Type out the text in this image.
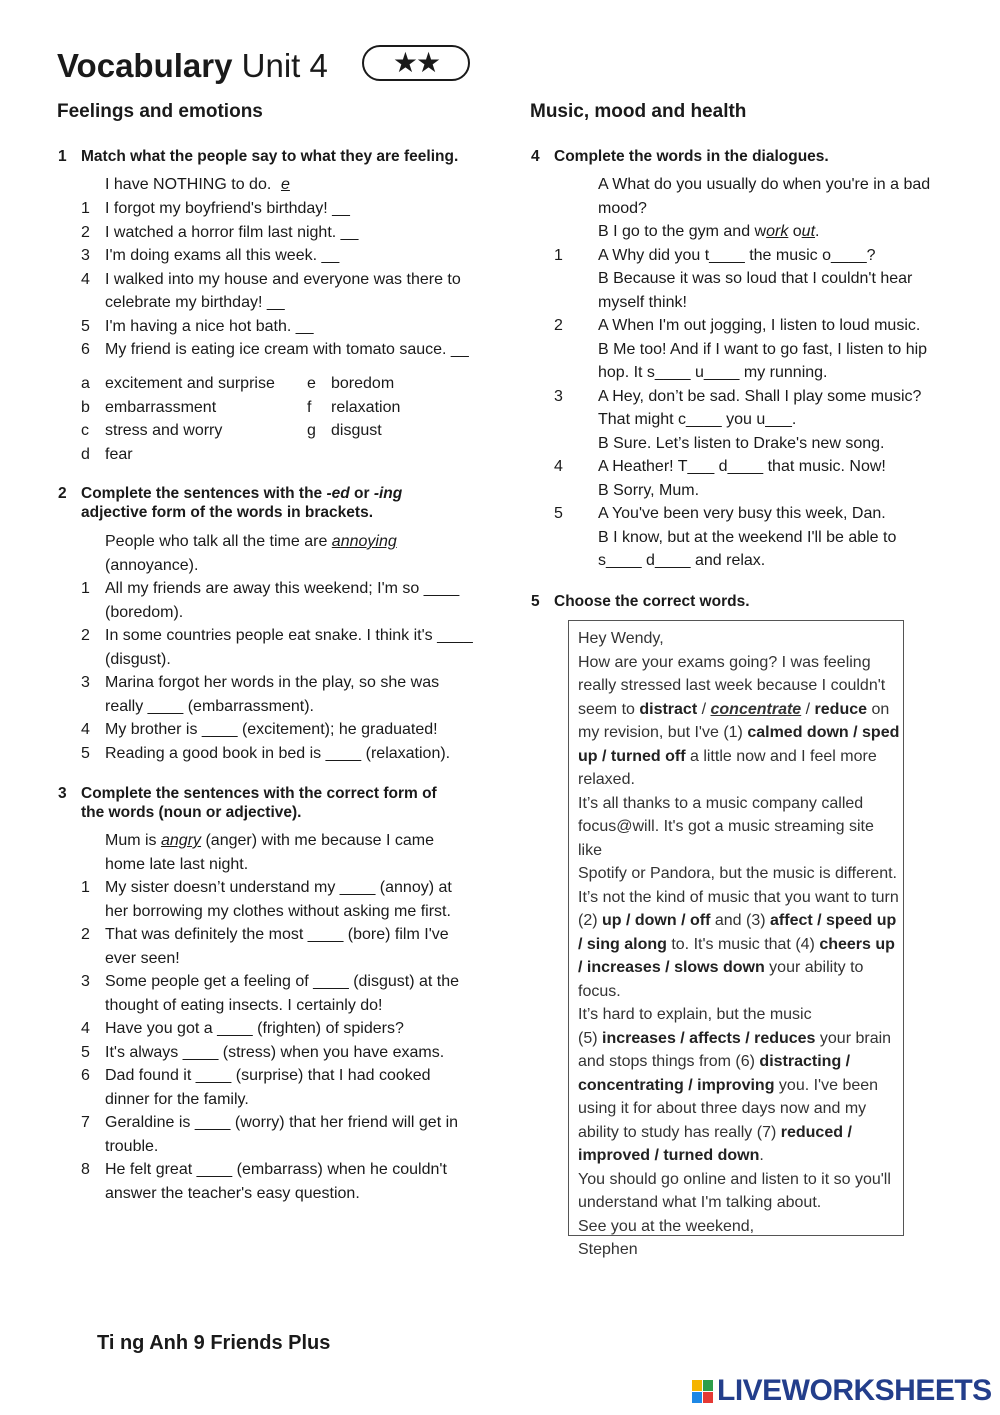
Vocabulary Unit 4	★★
Feelings and emotions
1 Match what the people say to what they are feeling.
I have NOTHING to do. e
1 I forgot my boyfriend's birthday! __
2 I watched a horror film last night. __
3 I'm doing exams all this week. __
4 I walked into my house and everyone was there to
celebrate my birthday! __
5 I'm having a nice hot bath. __
6 My friend is eating ice cream with tomato sauce. __
a excitement and surprise
b embarrassment
c stress and worry
d fear
e boredom
f relaxation
g disgust
2 Complete the sentences with the -ed or -ing
adjective form of the words in brackets.
People who talk all the time are annoying
(annoyance).
1 All my friends are away this weekend; I'm so ____
(boredom).
2 In some countries people eat snake. I think it's ____
(disgust).
3 Marina forgot her words in the play, so she was
really ____ (embarrassment).
4 My brother is ____ (excitement); he graduated!
5 Reading a good book in bed is ____ (relaxation).
3 Complete the sentences with the correct form of
the words (noun or adjective).
Mum is angry (anger) with me because I came
home late last night.
1 My sister doesn’t understand my ____ (annoy) at
her borrowing my clothes without asking me first.
2 That was definitely the most ____ (bore) film I've
ever seen!
3 Some people get a feeling of ____ (disgust) at the
thought of eating insects. I certainly do!
4 Have you got a ____ (frighten) of spiders?
5 It's always ____ (stress) when you have exams.
6 Dad found it ____ (surprise) that I had cooked
dinner for the family.
7 Geraldine is ____ (worry) that her friend will get in
trouble.
8 He felt great ____ (embarrass) when he couldn't
answer the teacher's easy question.
Music, mood and health
4 Complete the words in the dialogues.
A What do you usually do when you're in a bad
mood?
B I go to the gym and work out.
1 A Why did you t____ the music o____?
B Because it was so loud that I couldn't hear
myself think!
2 A When I'm out jogging, I listen to loud music.
B Me too! And if I want to go fast, I listen to hip
hop. It s____ u____ my running.
3 A Hey, don’t be sad. Shall I play some music?
That might c____ you u___.
B Sure. Let’s listen to Drake's new song.
4 A Heather! T___ d____ that music. Now!
B Sorry, Mum.
5 A You've been very busy this week, Dan.
B I know, but at the weekend I'll be able to
s____ d____ and relax.
5 Choose the correct words.
Hey Wendy,
How are your exams going? I was feeling
really stressed last week because I couldn't
seem to distract / concentrate / reduce on
my revision, but I've (1) calmed down / sped
up / turned off a little now and I feel more
relaxed.
It’s all thanks to a music company called
focus@will. It's got a music streaming site like
Spotify or Pandora, but the music is different.
It’s not the kind of music that you want to turn
(2) up / down / off and (3) affect / speed up
/ sing along to. It's music that (4) cheers up
/ increases / slows down your ability to
focus.
It’s hard to explain, but the music
(5) increases / affects / reduces your brain
and stops things from (6) distracting /
concentrating / improving you. I've been
using it for about three days now and my
ability to study has really (7) reduced /
improved / turned down.
You should go online and listen to it so you'll
understand what I'm talking about.
See you at the weekend,
Stephen
Ti ng Anh 9 Friends Plus
LIVEWORKSHEETS
